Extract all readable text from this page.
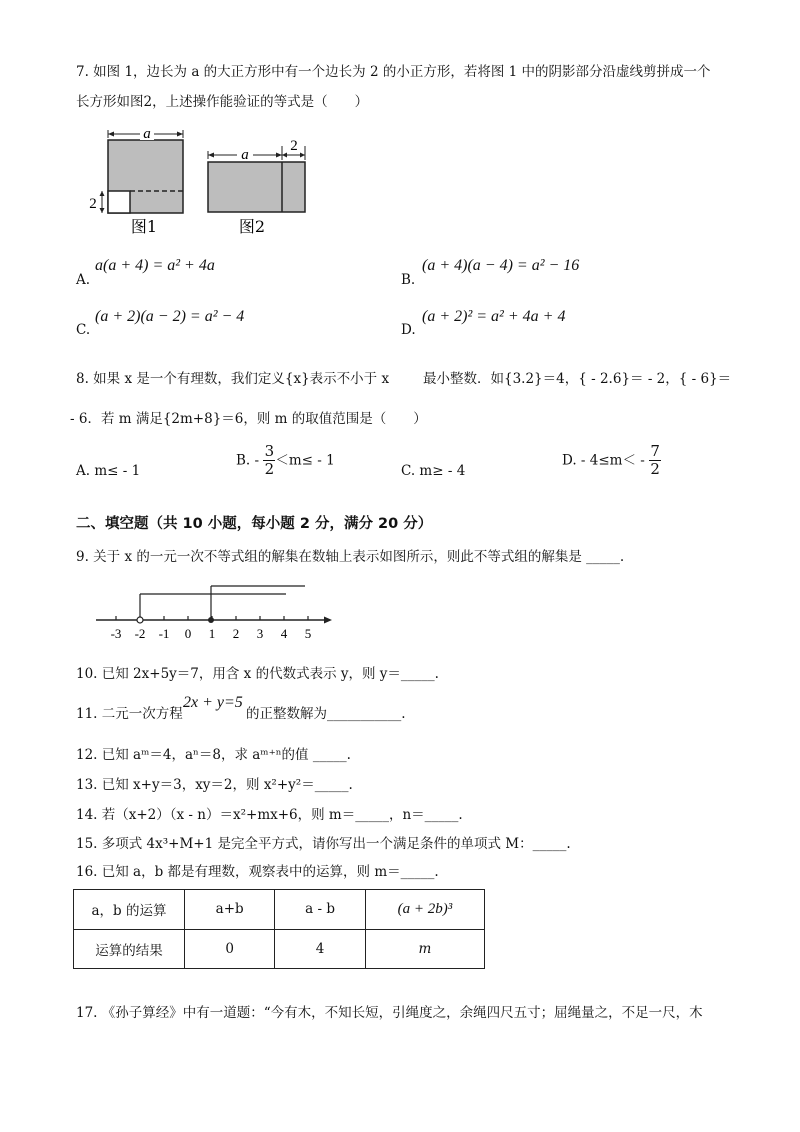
7. 如图 1，边长为 a 的大正方形中有一个边长为 2 的小正方形，若将图 1 中的阴影部分沿虚线剪拼成一个
长方形如图2，上述操作能验证的等式是（　　）
a
2
图1
a
2
图2
A.
a(a + 4) = a² + 4a
B.
(a + 4)(a − 4) = a² − 16
C.
(a + 2)(a − 2) = a² − 4
D.
(a + 2)² = a² + 4a + 4
8. 如果 x 是一个有理数，我们定义{x}表示不小于 x	最小整数．如{3.2}＝4，{ - 2.6}＝ - 2，{ - 6}＝
- 6．若 m 满足{2m+8}＝6，则 m 的取值范围是（　　）
A. m≤ - 1
B. - $\frac{3}{2} <m\le - 1$
C. m≥ - 4
D. - $4\le m< - \frac{7}{2}$
二、填空题（共 10 小题，每小题 2 分，满分 20 分）
9. 关于 x 的一元一次不等式组的解集在数轴上表示如图所示，则此不等式组的解集是 _____.
-3 -2 -1 0 1 2 3 4 5
10. 已知 2x+5y＝7，用含 x 的代数式表示 y，则 y＝_____.
11. 二元一次方程
2x + y=5
的正整数解为___________.
12. 已知 aᵐ＝4，aⁿ＝8，求 aᵐ⁺ⁿ的值 _____.
13. 已知 x+y＝3，xy＝2，则 x²+y²＝_____.
14. 若（x+2）（x - n）＝x²+mx+6，则 m＝_____，n＝_____.
15. 多项式 4x³+M+1 是完全平方式，请你写出一个满足条件的单项式 M：_____.
16. 已知 a，b 都是有理数，观察表中的运算，则 m＝_____.
a，b 的运算	a+b	a - b	(a + 2b)³
运算的结果	0	4	m
17. 《孙子算经》中有一道题：“今有木，不知长短，引绳度之，余绳四尺五寸；屈绳量之，不足一尺，木
